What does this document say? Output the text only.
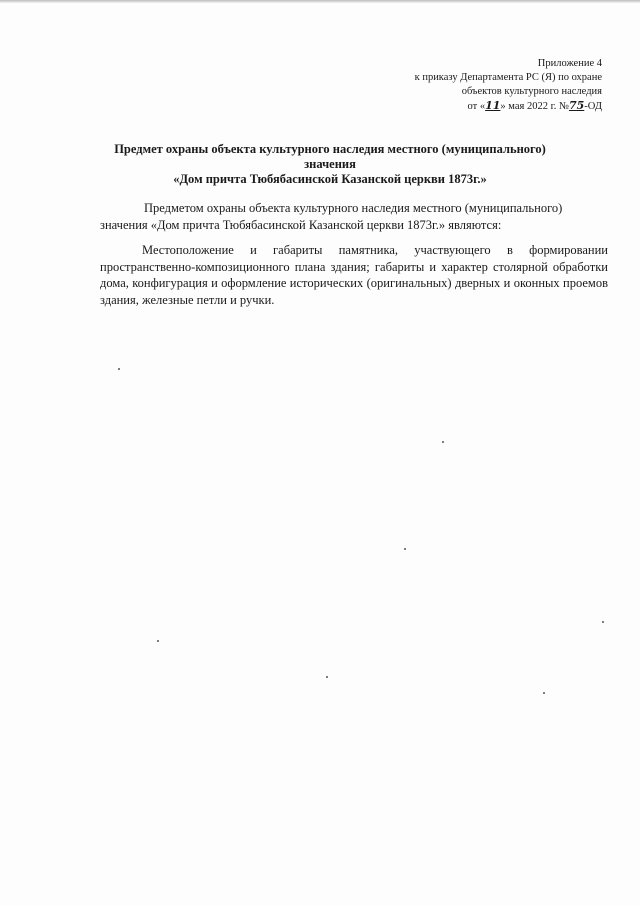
Приложение 4
к приказу Департамента РС (Я) по охране
объектов культурного наследия
от «11» мая 2022 г. №75-ОД
Предмет охраны объекта культурного наследия местного (муниципального)
значения
«Дом причта Тюбябасинской Казанской церкви 1873г.»
Предметом охраны объекта культурного наследия местного (муниципального)
значения «Дом причта Тюбябасинской Казанской церкви 1873г.» являются:
Местоположение и габариты памятника, участвующего в формировании пространственно-композиционного плана здания; габариты и характер столярной обработки дома, конфигурация и оформление исторических (оригинальных) дверных и оконных проемов здания, железные петли и ручки.
